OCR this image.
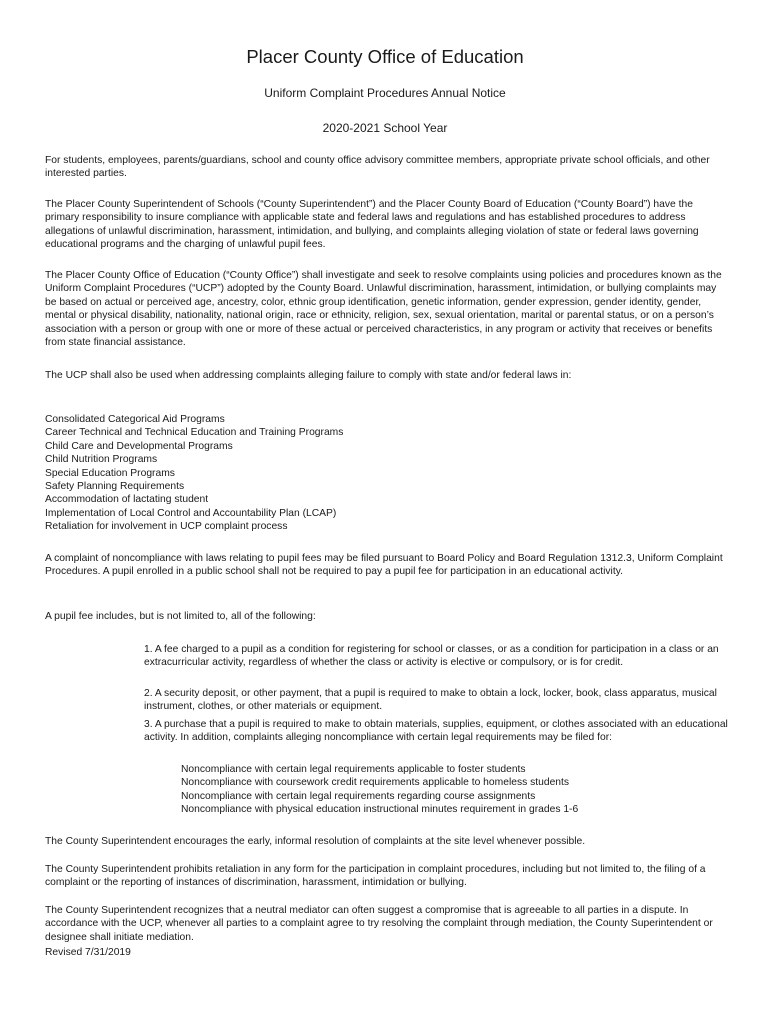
Placer County Office of Education
Uniform Complaint Procedures Annual Notice
2020-2021 School Year

For students, employees, parents/guardians, school and county office advisory committee members, appropriate private school officials, and other interested parties.

The Placer County Superintendent of Schools (“County Superintendent”) and the Placer County Board of Education (“County Board”) have the primary responsibility to insure compliance with applicable state and federal laws and regulations and has established procedures to address allegations of unlawful discrimination, harassment, intimidation, and bullying, and complaints alleging violation of state or federal laws governing educational programs and the charging of unlawful pupil fees.

The Placer County Office of Education (“County Office”) shall investigate and seek to resolve complaints using policies and procedures known as the Uniform Complaint Procedures (“UCP”) adopted by the County Board. Unlawful discrimination, harassment, intimidation, or bullying complaints may be based on actual or perceived age, ancestry, color, ethnic group identification, genetic information, gender expression, gender identity, gender, mental or physical disability, nationality, national origin, race or ethnicity, religion, sex, sexual orientation, marital or parental status, or on a person’s association with a person or group with one or more of these actual or perceived characteristics, in any program or activity that receives or benefits from state financial assistance.

The UCP shall also be used when addressing complaints alleging failure to comply with state and/or federal laws in:

Consolidated Categorical Aid Programs
Career Technical and Technical Education and Training Programs
Child Care and Developmental Programs
Child Nutrition Programs
Special Education Programs
Safety Planning Requirements
Accommodation of lactating student
Implementation of Local Control and Accountability Plan (LCAP)
Retaliation for involvement in UCP complaint process

A complaint of noncompliance with laws relating to pupil fees may be filed pursuant to Board Policy and Board Regulation 1312.3, Uniform Complaint Procedures. A pupil enrolled in a public school shall not be required to pay a pupil fee for participation in an educational activity.

A pupil fee includes, but is not limited to, all of the following:

1. A fee charged to a pupil as a condition for registering for school or classes, or as a condition for participation in a class or an extracurricular activity, regardless of whether the class or activity is elective or compulsory, or is for credit.

2. A security deposit, or other payment, that a pupil is required to make to obtain a lock, locker, book, class apparatus, musical instrument, clothes, or other materials or equipment.

3. A purchase that a pupil is required to make to obtain materials, supplies, equipment, or clothes associated with an educational activity. In addition, complaints alleging noncompliance with certain legal requirements may be filed for:

Noncompliance with certain legal requirements applicable to foster students
Noncompliance with coursework credit requirements applicable to homeless students
Noncompliance with certain legal requirements regarding course assignments
Noncompliance with physical education instructional minutes requirement in grades 1-6

The County Superintendent encourages the early, informal resolution of complaints at the site level whenever possible.

The County Superintendent prohibits retaliation in any form for the participation in complaint procedures, including but not limited to, the filing of a complaint or the reporting of instances of discrimination, harassment, intimidation or bullying.

The County Superintendent recognizes that a neutral mediator can often suggest a compromise that is agreeable to all parties in a dispute. In accordance with the UCP, whenever all parties to a complaint agree to try resolving the complaint through mediation, the County Superintendent or designee shall initiate mediation.

Revised 7/31/2019
